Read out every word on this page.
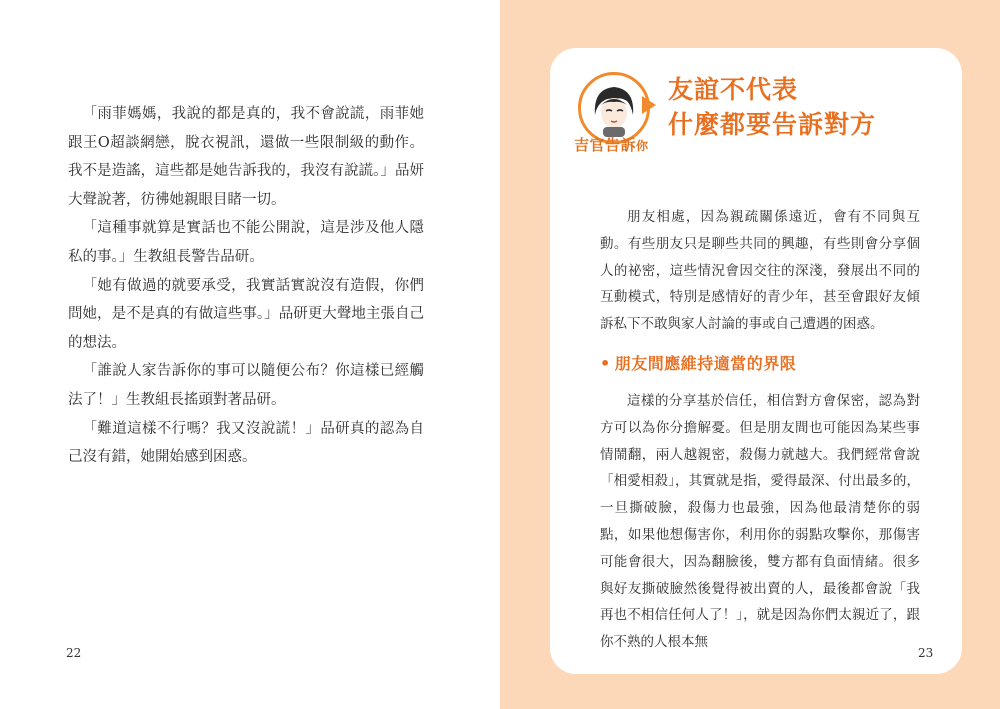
「雨菲媽媽，我說的都是真的，我不會說謊，雨菲她跟王O超談網戀，脫衣視訊，還做一些限制級的動作。我不是造謠，這些都是她告訴我的，我沒有說謊。」品妍大聲說著，彷彿她親眼目睹一切。

「這種事就算是實話也不能公開說，這是涉及他人隱私的事。」生教組長警告品研。

「她有做過的就要承受，我實話實說沒有造假，你們問她，是不是真的有做這些事。」品研更大聲地主張自己的想法。

「誰說人家告訴你的事可以隨便公布？你這樣已經觸法了！」生教組長搖頭對著品研。

「難道這樣不行嗎？我又沒說謊！」品研真的認為自己沒有錯，她開始感到困惑。

22
吉官告訴你
友誼不代表
什麼都要告訴對方

朋友相處，因為親疏關係遠近，會有不同與互動。有些朋友只是聊些共同的興趣，有些則會分享個人的祕密，這些情況會因交往的深淺，發展出不同的互動模式，特別是感情好的青少年，甚至會跟好友傾訴私下不敢與家人討論的事或自己遭遇的困惑。

• 朋友間應維持適當的界限

這樣的分享基於信任，相信對方會保密，認為對方可以為你分擔解憂。但是朋友間也可能因為某些事情鬧翻，兩人越親密，殺傷力就越大。我們經常會說「相愛相殺」，其實就是指，愛得最深、付出最多的，一旦撕破臉，殺傷力也最強，因為他最清楚你的弱點，如果他想傷害你，利用你的弱點攻擊你，那傷害可能會很大，因為翻臉後，雙方都有負面情緒。很多與好友撕破臉然後覺得被出賣的人，最後都會說「我再也不相信任何人了！」，就是因為你們太親近了，跟你不熟的人根本無

23
